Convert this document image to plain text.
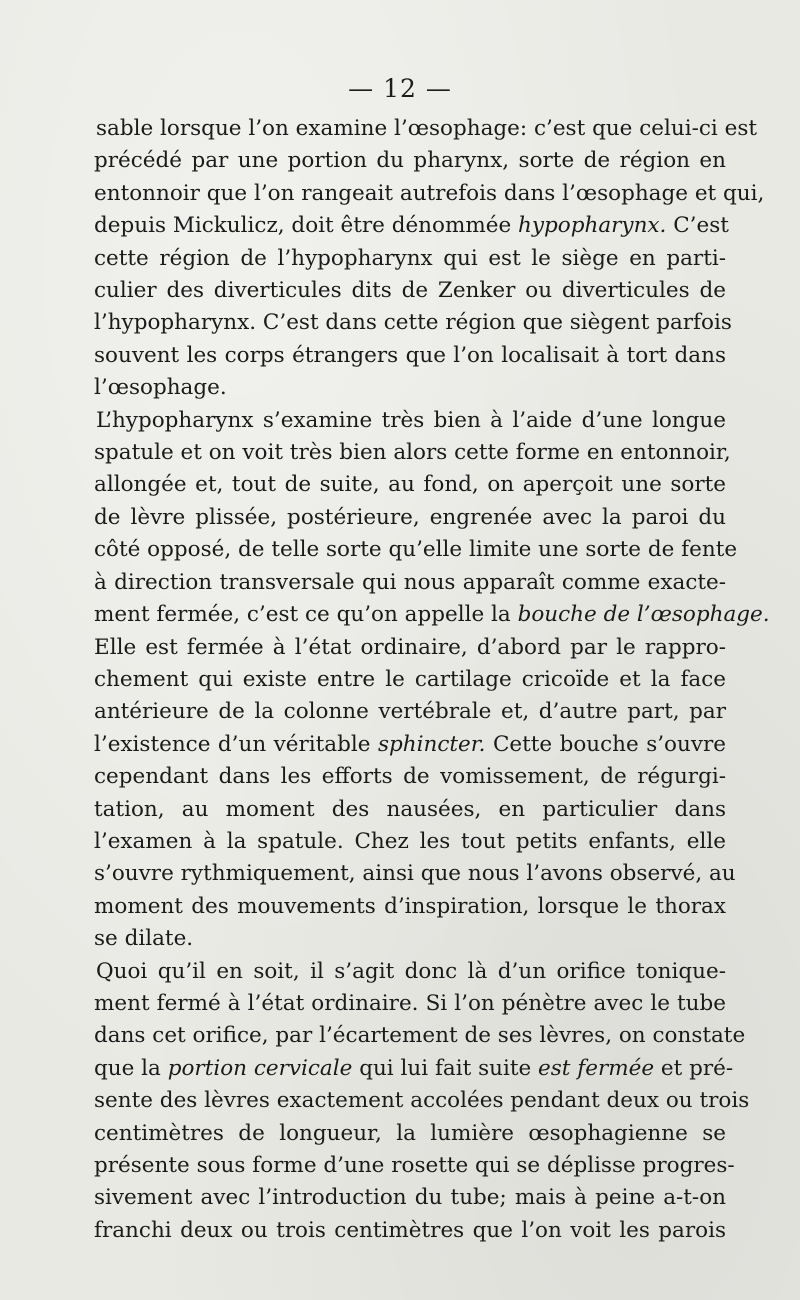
— 12 —
sable lorsque l’on examine l’œsophage: c’est que celui-ci est
précédé par une portion du pharynx, sorte de région en
entonnoir que l’on rangeait autrefois dans l’œsophage et qui,
depuis Mickulicz, doit être dénommée hypopharynx. C’est
cette région de l’hypopharynx qui est le siège en parti-
culier des diverticules dits de Zenker ou diverticules de
l’hypopharynx. C’est dans cette région que siègent parfois
souvent les corps étrangers que l’on localisait à tort dans
l’œsophage.
L’hypopharynx s’examine très bien à l’aide d’une longue
spatule et on voit très bien alors cette forme en entonnoir,
allongée et, tout de suite, au fond, on aperçoit une sorte
de lèvre plissée, postérieure, engrenée avec la paroi du
côté opposé, de telle sorte qu’elle limite une sorte de fente
à direction transversale qui nous apparaît comme exacte-
ment fermée, c’est ce qu’on appelle la bouche de l’œsophage.
Elle est fermée à l’état ordinaire, d’abord par le rappro-
chement qui existe entre le cartilage cricoïde et la face
antérieure de la colonne vertébrale et, d’autre part, par
l’existence d’un véritable sphincter. Cette bouche s’ouvre
cependant dans les efforts de vomissement, de régurgi-
tation, au moment des nausées, en particulier dans
l’examen à la spatule. Chez les tout petits enfants, elle
s’ouvre rythmiquement, ainsi que nous l’avons observé, au
moment des mouvements d’inspiration, lorsque le thorax
se dilate.
Quoi qu’il en soit, il s’agit donc là d’un orifice tonique-
ment fermé à l’état ordinaire. Si l’on pénètre avec le tube
dans cet orifice, par l’écartement de ses lèvres, on constate
que la portion cervicale qui lui fait suite est fermée et pré-
sente des lèvres exactement accolées pendant deux ou trois
centimètres de longueur, la lumière œsophagienne se
présente sous forme d’une rosette qui se déplisse progres-
sivement avec l’introduction du tube; mais à peine a-t-on
franchi deux ou trois centimètres que l’on voit les parois
